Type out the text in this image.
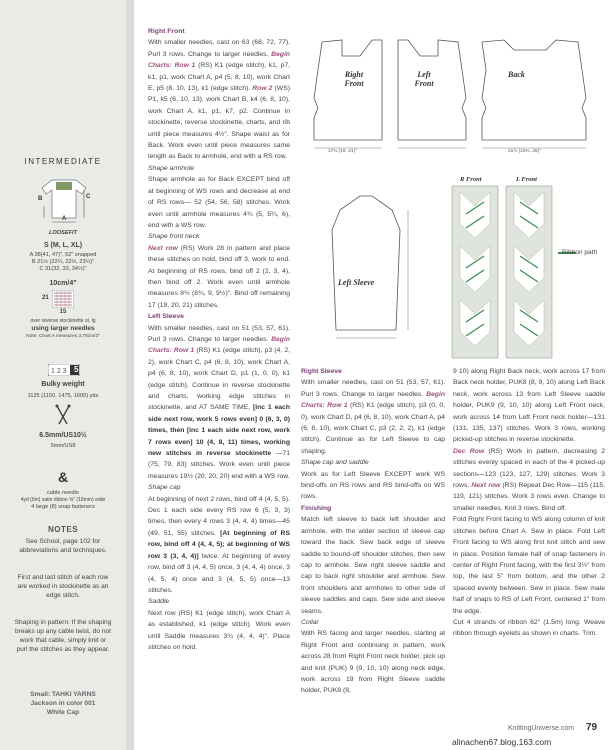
INTERMEDIATE
B
A
C
LOOSEFIT
S (M, L, XL)
A 38(41, 47)", 52" snapped
B 21½ (22¼, 22½, 23¼)"
C 31(32, 33, 34½)"
10cm/4"
21
15
over reverse stockinette st, lg
using larger needles
Note: Chart A measures 3.75cm/3"
1 2 3 5
Bulky weight
1125 (1150, 1475, 1600) yds
6.5mm/US10½
5mm/US8
&
cable needle
4yd (6m) satin ribbon ⅝" (16mm) wide
4 large (8) snap fasteners
NOTES
See School, page 102 for abbreviations and techniques.
First and last stitch of each row are worked in stockinette as an edge stitch.
Shaping in pattern: If the shaping breaks up any cable twist, do not work that cable, simply knit or purl the stitches as they appear.
Small: TAHKI YARNS
Jackson in color 001
White Cap
Right Front
With smaller needles, cast on 63 (68, 72, 77). Purl 3 rows. Change to larger needles. Begin Charts: Row 1 (RS) K1 (edge stitch), k1, p7, k1, p1, work Chart A, p4 (5, 8, 10), work Chart E, p5 (8, 10, 13), k1 (edge stitch). Row 2 (WS) P1, k5 (6, 10, 13), work Chart B, k4 (6, 8, 10), work Chart A, k1, p1, k7, p2. Continue in stockinette, reverse stockinette, charts, and rib until piece measures 4½". Shape waist as for Back. Work even until piece measures same length as Back to armhole, end with a RS row.
Shape armhole
Shape armhole as for Back EXCEPT bind off at beginning of WS rows and decrease at end of RS rows— 52 (54, 56, 58) stitches. Work even until armhole measures 4¾ (5, 5¼, 6), end with a WS row.
Shape front neck
Next row (RS) Work 28 in pattern and place these stitches on hold, bind off 3, work to end. At beginning of RS rows, bind off 2 (2, 3, 4), then bind off 2. Work even until armhole measures 8½ (8¾, 9, 9½)". Bind off remaining 17 (19, 20, 21) stitches.
Left Sleeve
With smaller needles, cast on 51 (53, 57, 61). Purl 3 rows. Change to larger needles. Begin Charts: Row 1 (RS) K1 (edge stitch), p3 (4, 2, 2), work Chart C, p4 (6, 8, 10), work Chart A, p4 (6, 8, 10), work Chart D, p1 (1, 0, 0), k1 (edge stitch). Continue in reverse stockinette and charts, working edge stitches in stockinette, and AT SAME TIME, [inc 1 each side next row, work 5 rows even] 0 (6, 3, 0) times, then [inc 1 each side next row, work 7 rows even] 10 (4, 8, 11) times, working new stitches in reverse stockinette —71 (75, 79, 83) stitches. Work even until piece measures 19½ (20, 20, 20) end with a WS row.
Shape cap
At beginning of next 2 rows, bind off 4 (4, 5, 5). Dec 1 each side every RS row 6 (5, 3, 3) times, then every 4 rows 3 (4, 4, 4) times—45 (49, 51, 55) stitches. [At beginning of RS row, bind off 4 (4, 4, 5); at beginning of WS row 3 (3, 4, 4)] twice. At beginning of every row, bind off 3 (4, 4, 5) once, 3 (4, 4, 4) once, 3 (4, 5, 4) once and 3 (4, 5, 5) once—13 stitches.
Saddle
Next row (RS) K1 (edge stitch), work Chart A as established, k1 (edge stitch). Work even until Saddle measures 3¾ (4, 4, 4)". Place stitches on hold.
Right Front
Left Front
Back
Left Sleeve
R Front	L Front
Ribbon path
17¾ (19, 21)"	21½ (23¾, 25)"
Right Sleeve
With smaller needles, cast on 51 (53, 57, 61). Purl 3 rows. Change to larger needles. Begin Charts: Row 1 (RS) K1 (edge stitch), p3 (0, 0, 0), work Chart D, p4 (6, 8, 10), work Chart A, p4 (6, 8, 10), work Chart C, p3 (2, 2, 2), k1 (edge stitch). Continue as for Left Sleeve to cap shaping.
Shape cap and saddle
Work as for Left Sleeve EXCEPT work WS bind-offs on RS rows and RS bind-offs on WS rows.
Finishing
Match left sleeve to back left shoulder and armhole, with the wider section of sleeve cap toward the back. Sew back edge of sleeve saddle to bound-off shoulder stitches, then sew cap to armhole. Sew right sleeve saddle and cap to back right shoulder and armhole. Sew front shoulders and armholes to other side of sleeve saddles and caps. Sew side and sleeve seams.
Collar
With RS facing and larger needles, starting at Right Front and continuing in pattern, work across 28 from Right Front neck holder, pick up and knit (PUK) 9 (9, 10, 10) along neck edge, work across 19 from Right Sleeve saddle holder, PUK8 (8,
9 10) along Right Back neck, work across 17 from Back neck holder, PUK8 (8, 9, 10) along Left Back neck, work across 13 from Left Sleeve saddle holder, PUK9 (9, 10, 10) along Left Front neck, work across 14 from Left Front neck holder—131 (131, 135, 137) stitches. Work 3 rows, working picked-up stitches in reverse stockinette.
Dec Row (RS) Work in pattern, decreasing 2 stitches evenly spaced in each of the 4 picked-up sections—123 (123, 127, 129) stitches. Work 3 rows. Next row (RS) Repeat Dec Row—115 (115, 119, 121) stitches. Work 3 rows even. Change to smaller needles. Knit 3 rows. Bind off.
Fold Right Front facing to WS along column of knit stitches before Chart A. Sew in place. Fold Left Front facing to WS along first knit stitch and sew in place. Position female half of snap fasteners in center of Right Front facing, with the first 3½" from top, the last 5" from bottom, and the other 2 spaced evenly between. Sew in place. Sew male half of snaps to RS of Left Front, centered 1" from the edge.
Cut 4 strands of ribbon 62" (1.5m) long. Weave ribbon through eyelets as shown in charts. Trim.
KnittingUniverse.com 79
alinachen67.blog.163.com
